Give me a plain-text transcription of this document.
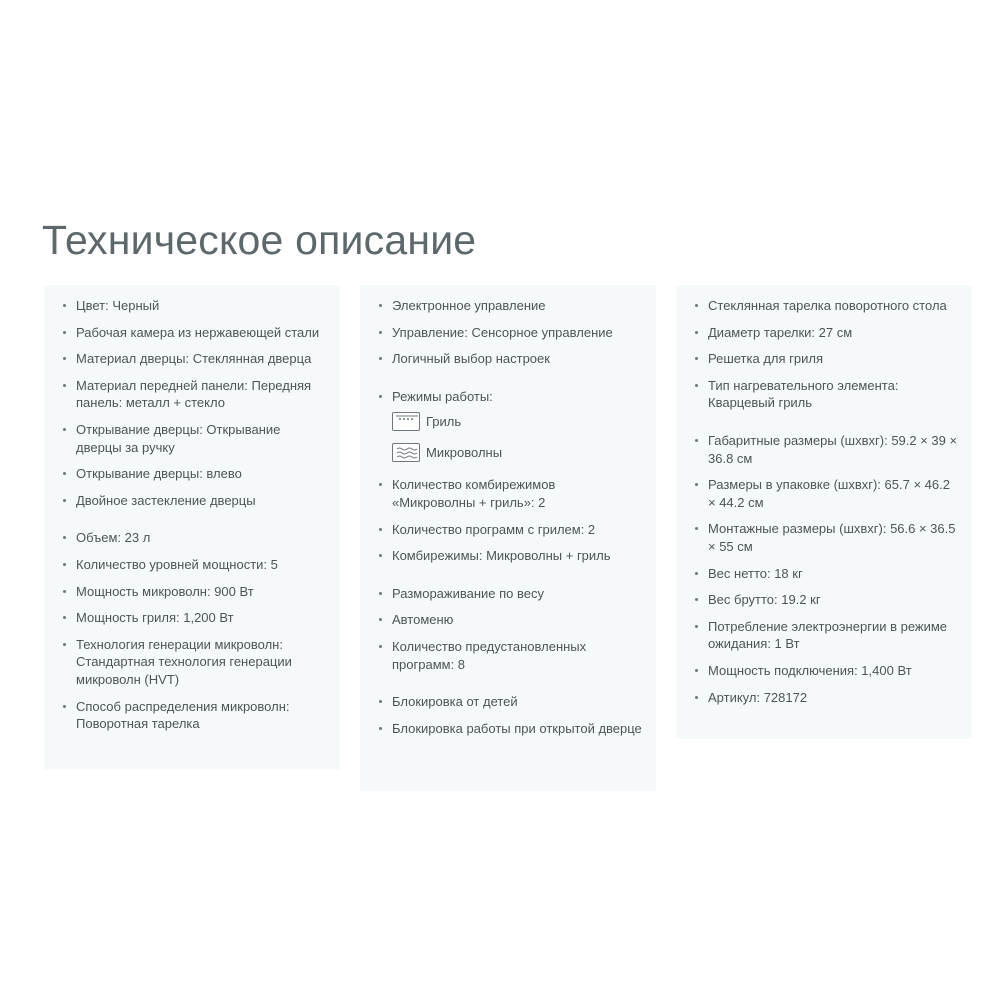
Техническое описание
Цвет: Черный
Рабочая камера из нержавеющей стали
Материал дверцы: Стеклянная дверца
Материал передней панели: Передняя панель: металл + стекло
Открывание дверцы: Открывание дверцы за ручку
Открывание дверцы: влево
Двойное застекление дверцы
Объем: 23 л
Количество уровней мощности: 5
Мощность микроволн: 900 Вт
Мощность гриля: 1,200 Вт
Технология генерации микроволн: Стандартная технология генерации микроволн (HVT)
Способ распределения микроволн: Поворотная тарелка
Электронное управление
Управление: Сенсорное управление
Логичный выбор настроек
Режимы работы:
Гриль
Микроволны
Количество комбирежимов «Микроволны + гриль»: 2
Количество программ с грилем: 2
Комбирежимы: Микроволны + гриль
Размораживание по весу
Автоменю
Количество предустановленных программ: 8
Блокировка от детей
Блокировка работы при открытой дверце
Стеклянная тарелка поворотного стола
Диаметр тарелки: 27 см
Решетка для гриля
Тип нагревательного элемента: Кварцевый гриль
Габаритные размеры (шхвхг): 59.2 × 39 × 36.8 см
Размеры в упаковке (шхвхг): 65.7 × 46.2 × 44.2 см
Монтажные размеры (шхвхг): 56.6 × 36.5 × 55 см
Вес нетто: 18 кг
Вес брутто: 19.2 кг
Потребление электроэнергии в режиме ожидания: 1 Вт
Мощность подключения: 1,400 Вт
Артикул: 728172
